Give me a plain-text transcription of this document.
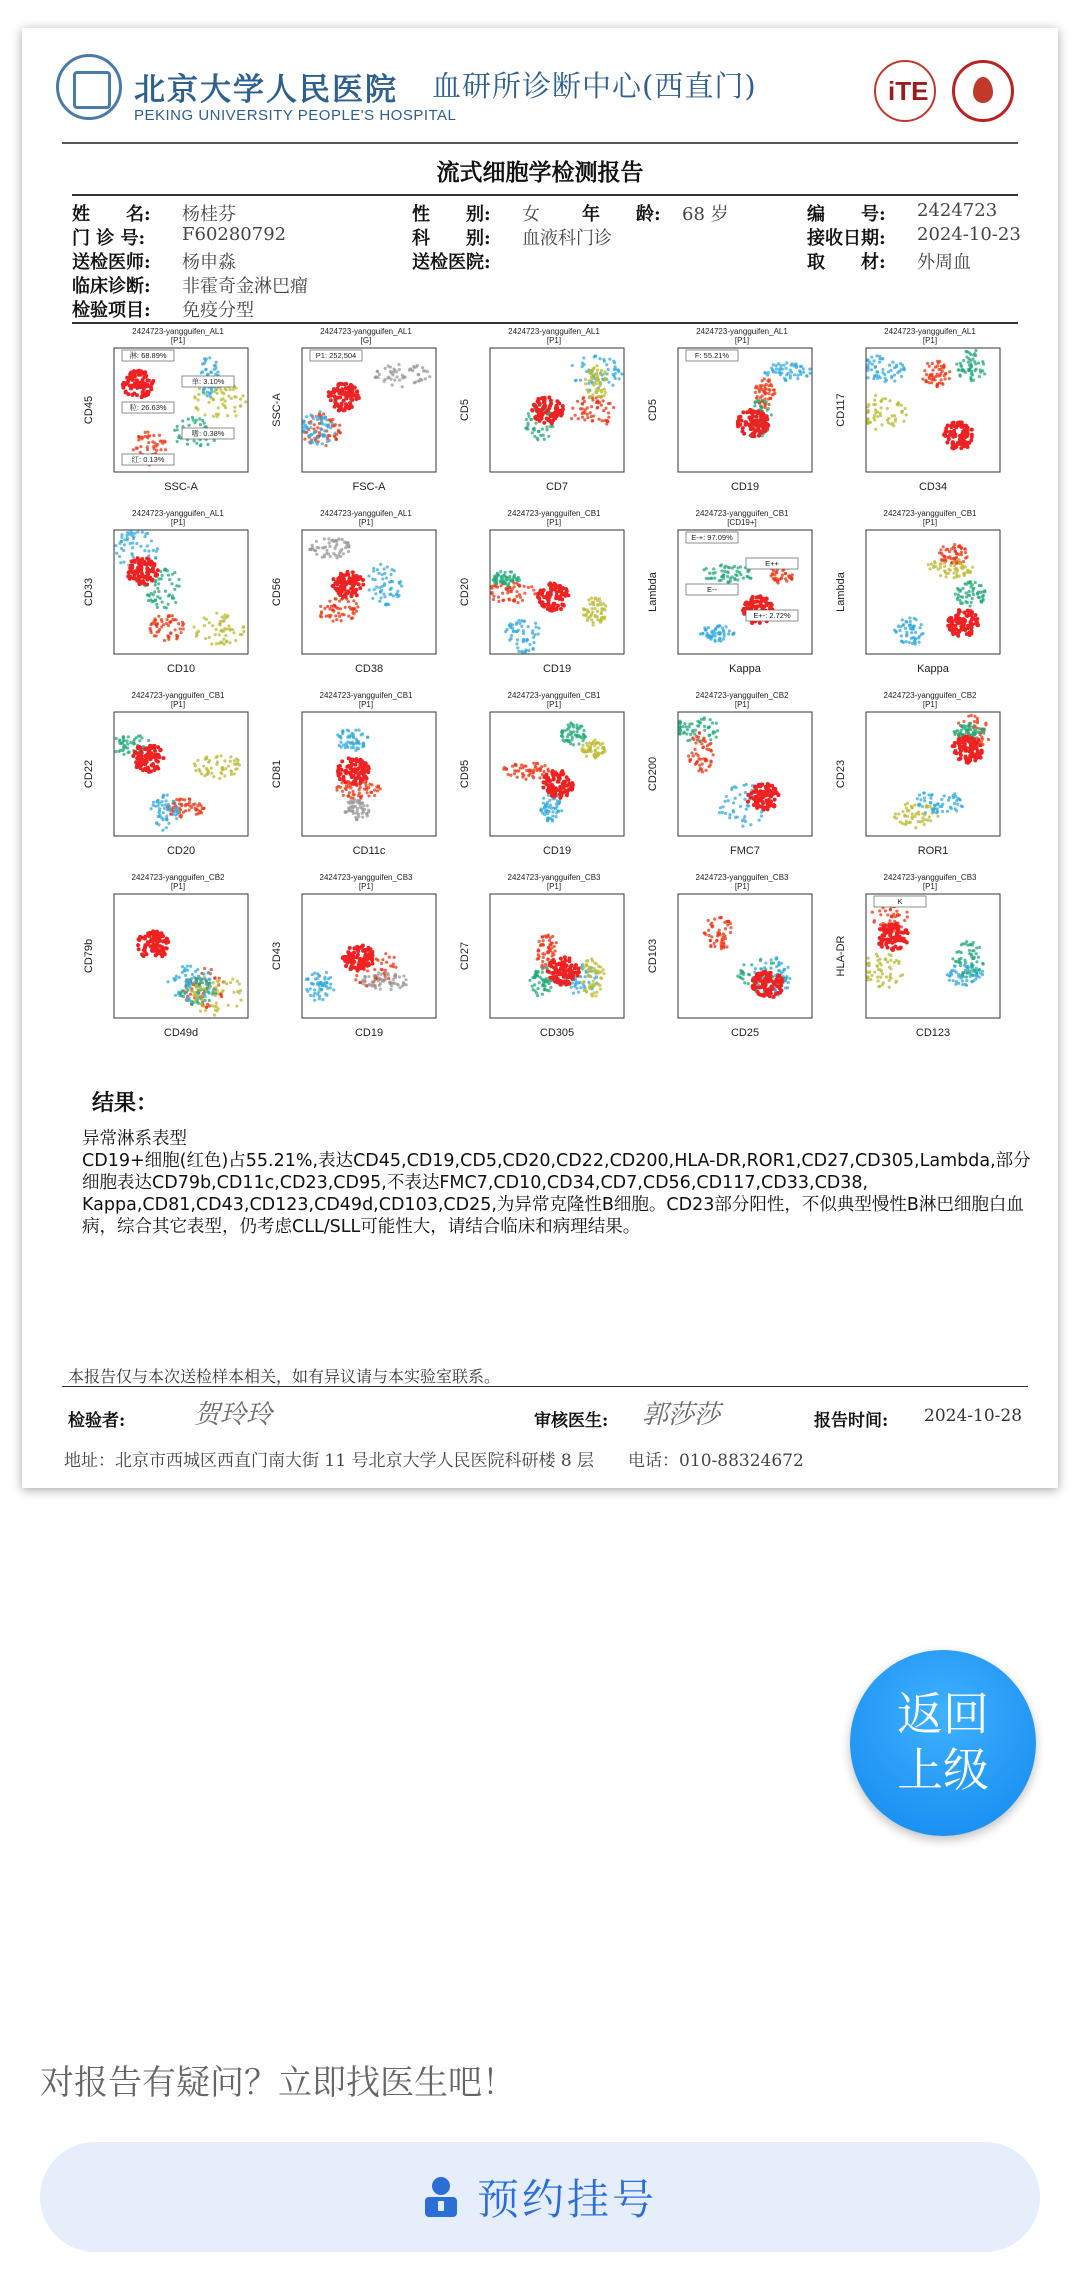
北京大学人民医院
PEKING UNIVERSITY PEOPLE'S HOSPITAL
血研所诊断中心(西直门)	iTE
流式细胞学检测报告
姓　　名: 杨桂芬	性　　别: 女 年　　龄: 68 岁	编　　号: 2424723
门 诊 号: F60280792	科　　别: 血液科门诊	接收日期: 2024-10-23
送检医师: 杨申淼	送检医院:	取　　材: 外周血
临床诊断: 非霍奇金淋巴瘤
检验项目: 免疫分型
2424723-yangguifen_AL1
[P1]
淋: 68.89%
单: 3.10%
粒: 26.63%
嗜: 0.38%
红: 0.13%
SSC-A
CD45
2424723-yangguifen_AL1
[G]
P1: 252,504
FSC-A
SSC-A
2424723-yangguifen_AL1
[P1]
CD7
CD5
2424723-yangguifen_AL1
[P1]
F: 55.21%
CD19
CD5
2424723-yangguifen_AL1
[P1]
CD34
CD117
2424723-yangguifen_AL1
[P1]
CD10
CD33
2424723-yangguifen_AL1
[P1]
CD38
CD56
2424723-yangguifen_CB1
[P1]
CD19
CD20
2424723-yangguifen_CB1
[CD19+]
E-+: 97.09%
E++
E--
E+-: 2.72%
Kappa
Lambda
2424723-yangguifen_CB1
[P1]
Kappa
Lambda
2424723-yangguifen_CB1
[P1]
CD20
CD22
2424723-yangguifen_CB1
[P1]
CD11c
CD81
2424723-yangguifen_CB1
[P1]
CD19
CD95
2424723-yangguifen_CB2
[P1]
FMC7
CD200
2424723-yangguifen_CB2
[P1]
ROR1
CD23
2424723-yangguifen_CB2
[P1]
CD49d
CD79b
2424723-yangguifen_CB3
[P1]
CD19
CD43
2424723-yangguifen_CB3
[P1]
CD305
CD27
2424723-yangguifen_CB3
[P1]
CD25
CD103
2424723-yangguifen_CB3
[P1]
K
CD123
HLA-DR
结果：

异常淋系表型

CD19+细胞(红色)占55.21%,表达CD45,CD19,CD5,CD20,CD22,CD200,HLA-DR,ROR1,CD27,CD305,Lambda,部分细胞表达CD79b,CD11c,CD23,CD95,不表达FMC7,CD10,CD34,CD7,CD56,CD117,CD33,CD38, Kappa,CD81,CD43,CD123,CD49d,CD103,CD25,为异常克隆性B细胞。CD23部分阳性，不似典型慢性B淋巴细胞白血病，综合其它表型，仍考虑CLL/SLL可能性大，请结合临床和病理结果。

本报告仅与本次送检样本相关，如有异议请与本实验室联系。
检验者:	贺玲玲	审核医生: 郭莎莎	报告时间: 2024-10-28
地址：北京市西城区西直门南大街 11 号北京大学人民医院科研楼 8 层　　电话：010-88324672
返回
上级
对报告有疑问？立即找医生吧！
预约挂号
